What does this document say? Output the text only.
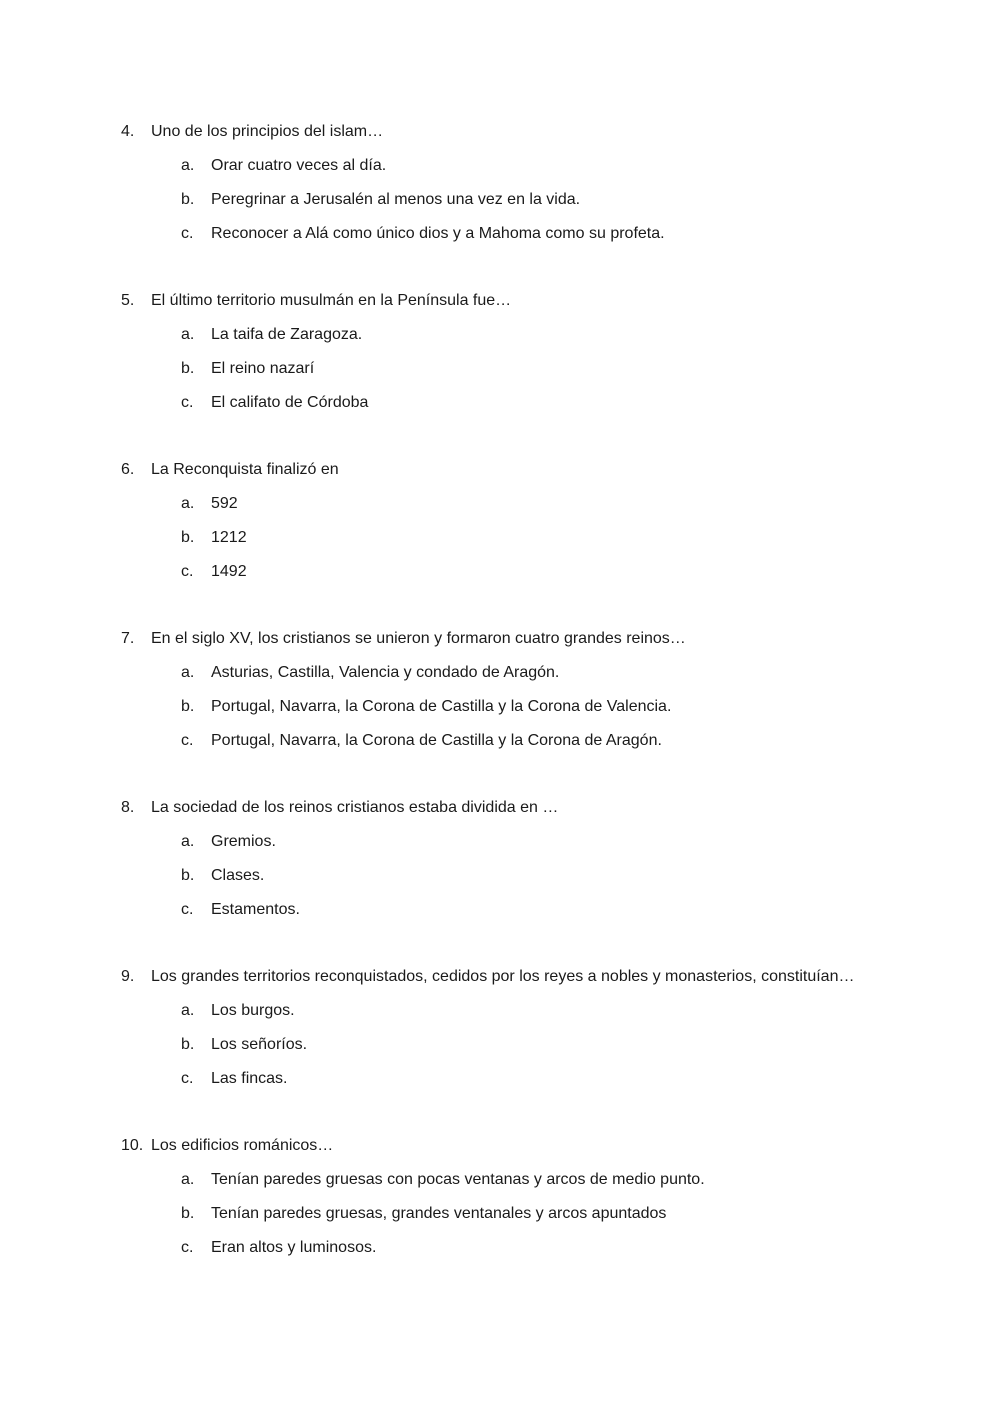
4. Uno de los principios del islam…
a. Orar cuatro veces al día.
b. Peregrinar a Jerusalén al menos una vez en la vida.
c. Reconocer a Alá como único dios y a Mahoma como su profeta.
5. El último territorio musulmán en la Península fue…
a. La taifa de Zaragoza.
b. El reino nazarí
c. El califato de Córdoba
6. La Reconquista finalizó en
a. 592
b. 1212
c. 1492
7. En el siglo XV, los cristianos se unieron y formaron cuatro grandes reinos…
a. Asturias, Castilla, Valencia y condado de Aragón.
b. Portugal, Navarra, la Corona de Castilla y la Corona de Valencia.
c. Portugal, Navarra, la Corona de Castilla y la Corona de Aragón.
8. La sociedad de los reinos cristianos estaba dividida en …
a. Gremios.
b. Clases.
c. Estamentos.
9. Los grandes territorios reconquistados, cedidos por los reyes a nobles y monasterios, constituían…
a. Los burgos.
b. Los señoríos.
c. Las fincas.
10. Los edificios románicos…
a. Tenían paredes gruesas con pocas ventanas y arcos de medio punto.
b. Tenían paredes gruesas, grandes ventanales y arcos apuntados
c. Eran altos y luminosos.
